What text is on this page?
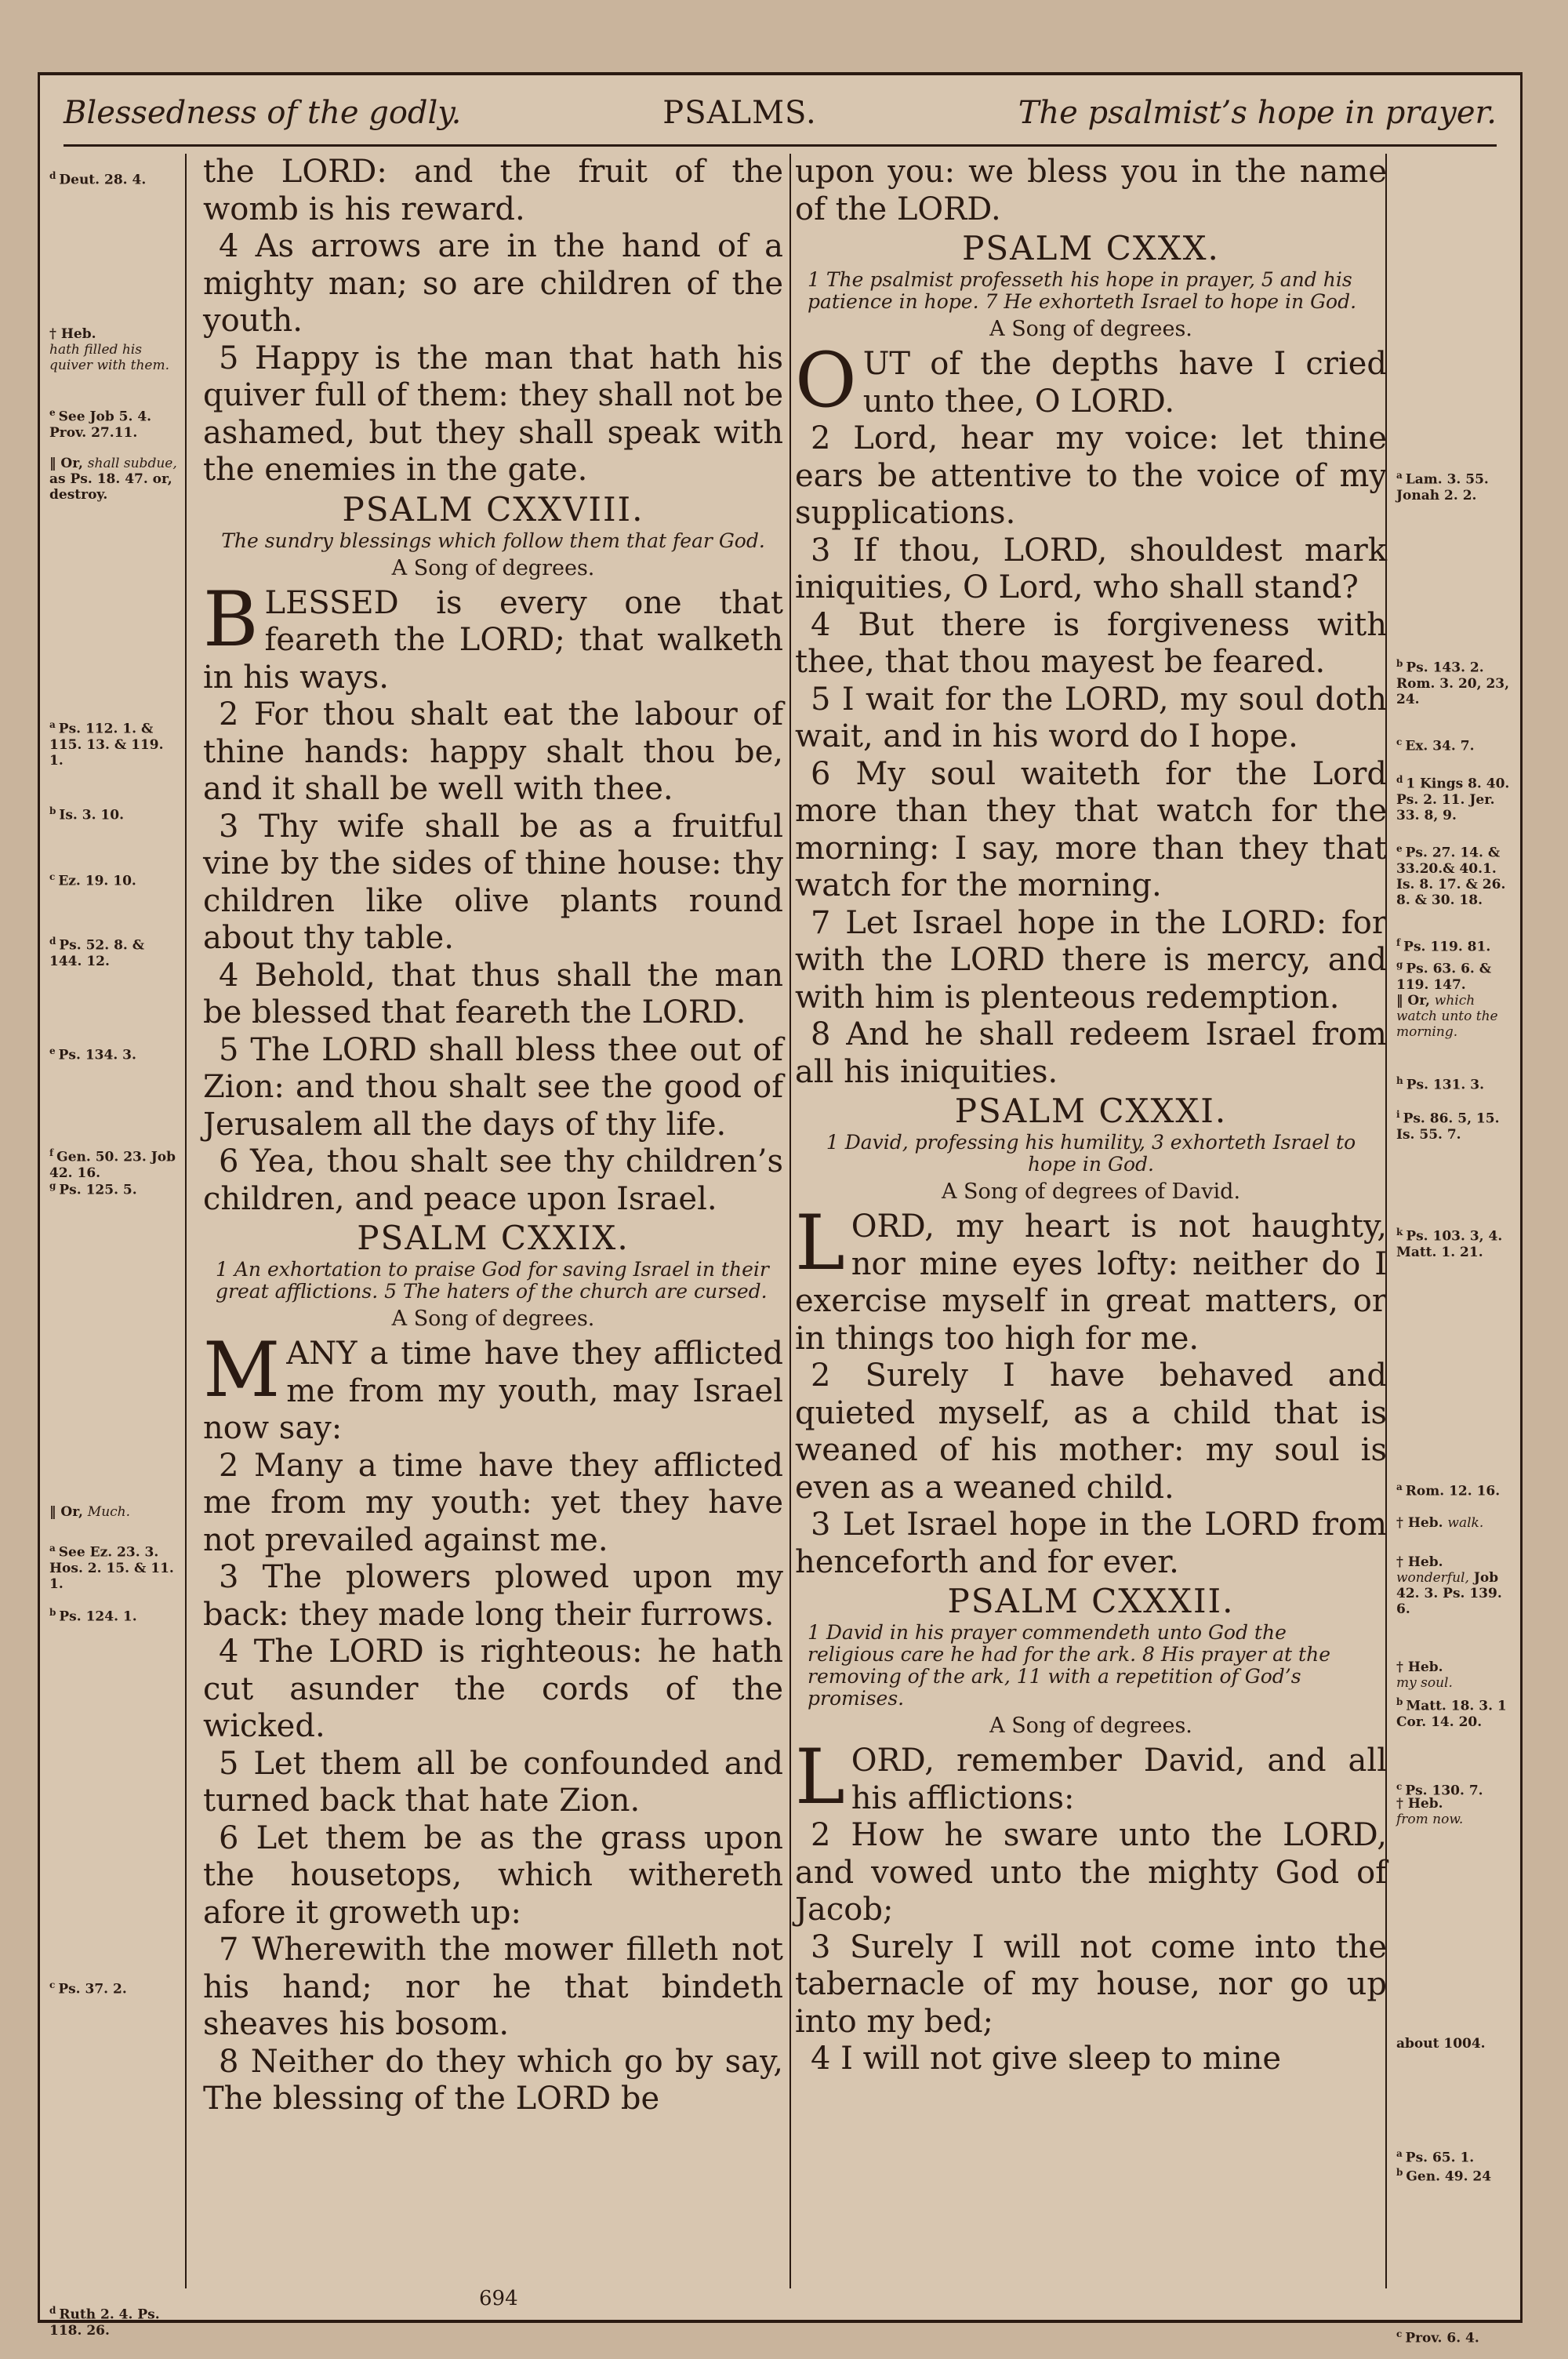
Blessedness of the godly.	PSALMS.	The psalmist’s hope in prayer.
$^d$ Deut. 28. 4.
† Heb.
hath filled his quiver with them.
$^e$ See Job 5. 4. Prov. 27.11.
‖ Or, shall subdue, as Ps. 18. 47. or, destroy.
$^a$ Ps. 112. 1. & 115. 13. & 119. 1.
$^b$ Is. 3. 10.
$^c$ Ez. 19. 10.
$^d$ Ps. 52. 8. & 144. 12.
$^e$ Ps. 134. 3.
$^f$ Gen. 50. 23. Job 42. 16.
$^g$ Ps. 125. 5.
‖ Or, Much.
$^a$ See Ez. 23. 3. Hos. 2. 15. & 11. 1.
$^b$ Ps. 124. 1.
$^c$ Ps. 37. 2.
$^d$ Ruth 2. 4. Ps. 118. 26.

the LORD: and the fruit of the womb is his reward.

4 As arrows are in the hand of a mighty man; so are children of the youth.

5 Happy is the man that hath his quiver full of them: they shall not be ashamed, but they shall speak with the enemies in the gate.

PSALM CXXVIII.
The sundry blessings which follow them that fear God.
A Song of degrees.

BLESSED is every one that feareth the LORD; that walketh in his ways.

2 For thou shalt eat the labour of thine hands: happy shalt thou be, and it shall be well with thee.

3 Thy wife shall be as a fruitful vine by the sides of thine house: thy children like olive plants round about thy table.

4 Behold, that thus shall the man be blessed that feareth the LORD.

5 The LORD shall bless thee out of Zion: and thou shalt see the good of Jerusalem all the days of thy life.

6 Yea, thou shalt see thy children’s children, and peace upon Israel.

PSALM CXXIX.
1 An exhortation to praise God for saving Israel in their great afflictions. 5 The haters of the church are cursed.
A Song of degrees.

MANY a time have they afflicted me from my youth, may Israel now say:

2 Many a time have they afflicted me from my youth: yet they have not prevailed against me.

3 The plowers plowed upon my back: they made long their furrows.

4 The LORD is righteous: he hath cut asunder the cords of the wicked.

5 Let them all be confounded and turned back that hate Zion.

6 Let them be as the grass upon the housetops, which withereth afore it groweth up:

7 Wherewith the mower filleth not his hand; nor he that bindeth sheaves his bosom.

8 Neither do they which go by say, The blessing of the LORD be

upon you: we bless you in the name of the LORD.

PSALM CXXX.
1 The psalmist professeth his hope in prayer, 5 and his patience in hope. 7 He exhorteth Israel to hope in God.
A Song of degrees.

OUT of the depths have I cried unto thee, O LORD.

2 Lord, hear my voice: let thine ears be attentive to the voice of my supplications.

3 If thou, LORD, shouldest mark iniquities, O Lord, who shall stand?

4 But there is forgiveness with thee, that thou mayest be feared.

5 I wait for the LORD, my soul doth wait, and in his word do I hope.

6 My soul waiteth for the Lord more than they that watch for the morning: I say, more than they that watch for the morning.

7 Let Israel hope in the LORD: for with the LORD there is mercy, and with him is plenteous redemption.

8 And he shall redeem Israel from all his iniquities.

PSALM CXXXI.
1 David, professing his humility, 3 exhorteth Israel to hope in God.
A Song of degrees of David.

LORD, my heart is not haughty, nor mine eyes lofty: neither do I exercise myself in great matters, or in things too high for me.

2 Surely I have behaved and quieted myself, as a child that is weaned of his mother: my soul is even as a weaned child.

3 Let Israel hope in the LORD from henceforth and for ever.

PSALM CXXXII.
1 David in his prayer commendeth unto God the religious care he had for the ark. 8 His prayer at the removing of the ark, 11 with a repetition of God’s promises.
A Song of degrees.

LORD, remember David, and all his afflictions:

2 How he sware unto the LORD, and vowed unto the mighty God of Jacob;

3 Surely I will not come into the tabernacle of my house, nor go up into my bed;

4 I will not give sleep to mine

$^a$ Lam. 3. 55. Jonah 2. 2.
$^b$ Ps. 143. 2. Rom. 3. 20, 23, 24.
$^c$ Ex. 34. 7.
$^d$ 1 Kings 8. 40. Ps. 2. 11. Jer. 33. 8, 9.
$^e$ Ps. 27. 14. & 33.20.& 40.1. Is. 8. 17. & 26. 8. & 30. 18.
$^f$ Ps. 119. 81.
$^g$ Ps. 63. 6. & 119. 147.
‖ Or, which watch unto the morning.
$^h$ Ps. 131. 3.
$^i$ Ps. 86. 5, 15. Is. 55. 7.
$^k$ Ps. 103. 3, 4. Matt. 1. 21.
$^a$ Rom. 12. 16.
† Heb. walk.
† Heb.
wonderful, Job 42. 3. Ps. 139. 6.
† Heb.
my soul.
$^b$ Matt. 18. 3. 1 Cor. 14. 20.
$^c$ Ps. 130. 7.
† Heb.
from now.
about 1004.
$^a$ Ps. 65. 1.
$^b$ Gen. 49. 24
$^c$ Prov. 6. 4.
694
